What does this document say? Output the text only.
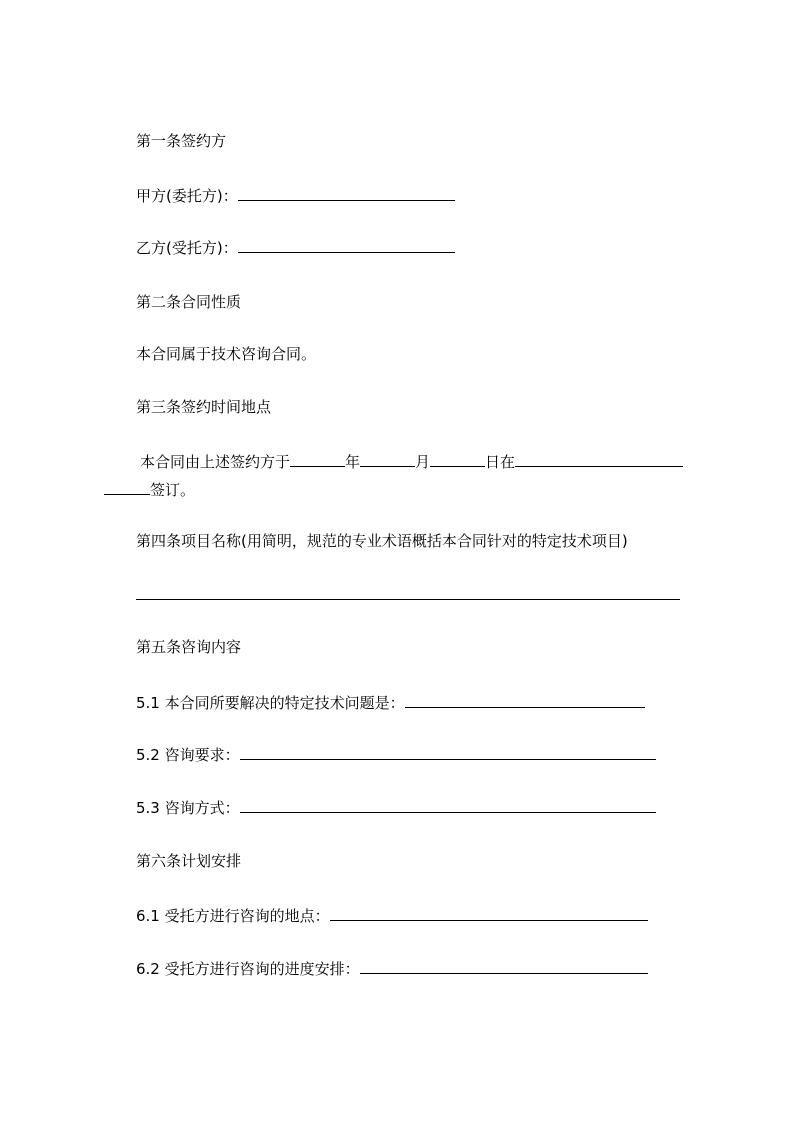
第一条签约方
甲方(委托方)：
乙方(受托方)：
第二条合同性质
本合同属于技术咨询合同。
第三条签约时间地点
本合同由上述签约方于	年	月	日在
签订。
第四条项目名称(用简明，规范的专业术语概括本合同针对的特定技术项目)
第五条咨询内容
5.1 本合同所要解决的特定技术问题是：
5.2 咨询要求：
5.3 咨询方式：
第六条计划安排
6.1 受托方进行咨询的地点：
6.2 受托方进行咨询的进度安排：
